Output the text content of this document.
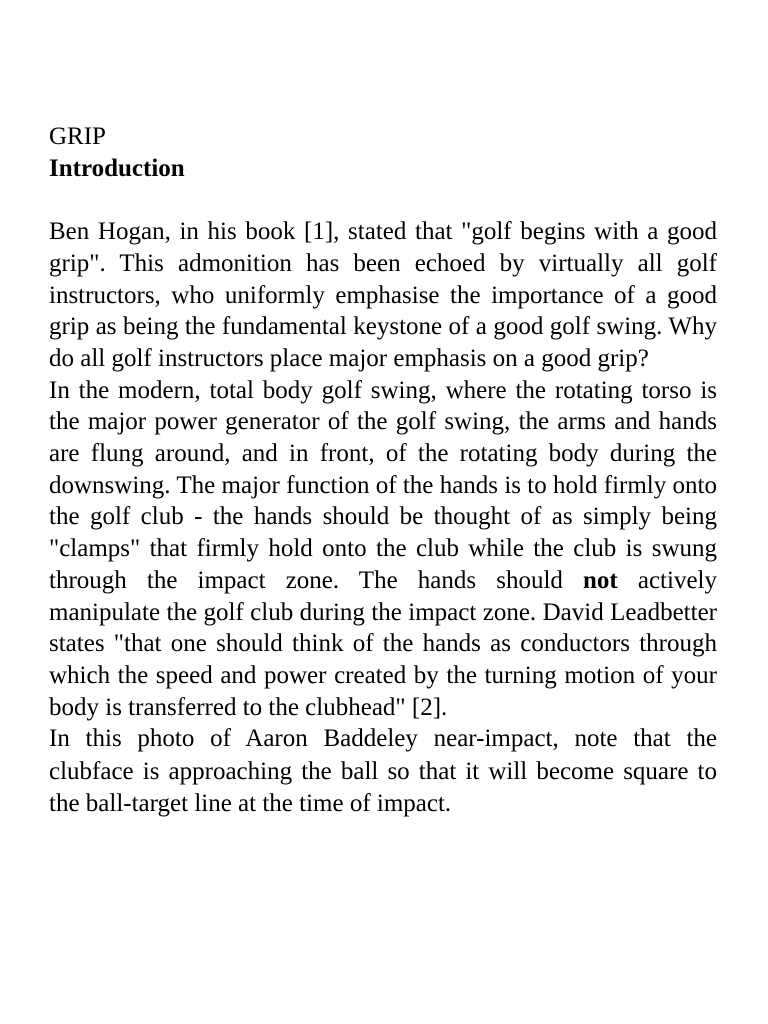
GRIP
Introduction

Ben Hogan, in his book [1], stated that "golf begins with a good grip". This admonition has been echoed by virtually all golf instructors, who uniformly emphasise the importance of a good grip as being the fundamental keystone of a good golf swing. Why do all golf instructors place major emphasis on a good grip?

In the modern, total body golf swing, where the rotating torso is the major power generator of the golf swing, the arms and hands are flung around, and in front, of the rotating body during the downswing. The major function of the hands is to hold firmly onto the golf club - the hands should be thought of as simply being "clamps" that firmly hold onto the club while the club is swung through the impact zone. The hands should not actively manipulate the golf club during the impact zone. David Leadbetter states "that one should think of the hands as conductors through which the speed and power created by the turning motion of your body is transferred to the clubhead" [2].

In this photo of Aaron Baddeley near-impact, note that the clubface is approaching the ball so that it will become square to the ball-target line at the time of impact.
